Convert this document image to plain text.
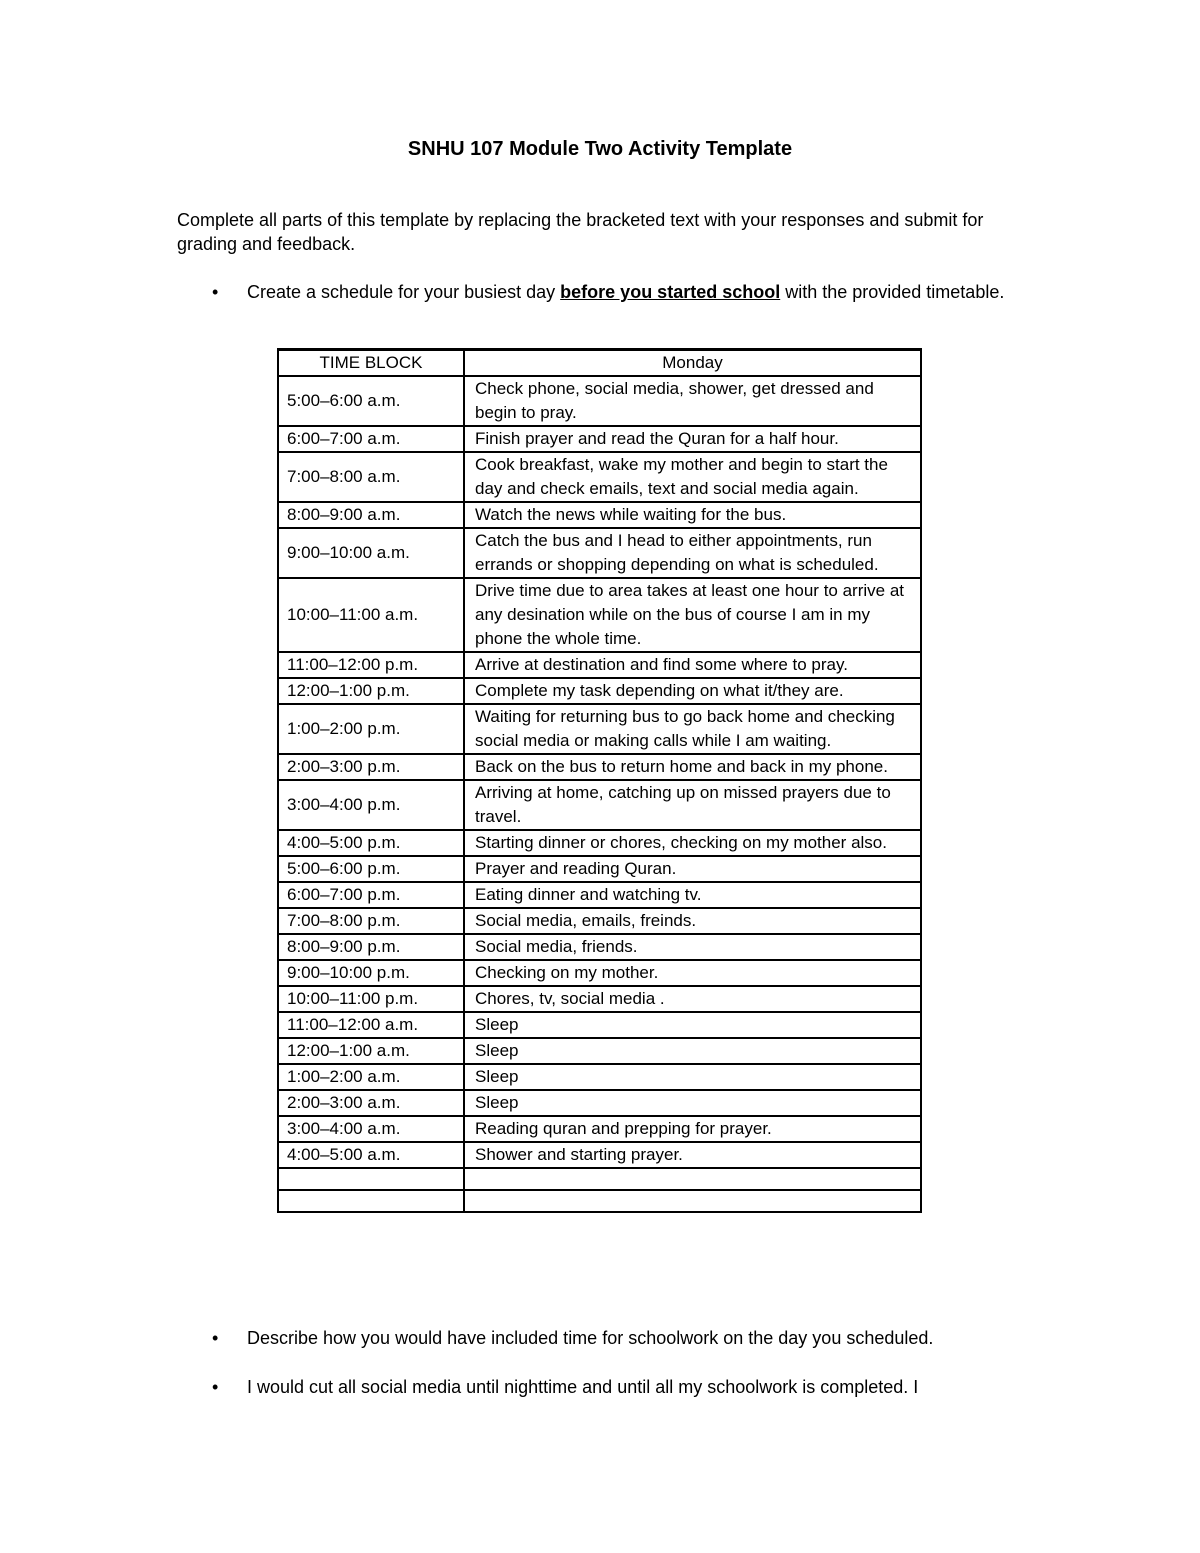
SNHU 107 Module Two Activity Template
Complete all parts of this template by replacing the bracketed text with your responses and submit for grading and feedback.
•	Create a schedule for your busiest day before you started school with the provided timetable.
TIME BLOCK	Monday
5:00–6:00 a.m.	Check phone, social media, shower, get dressed and begin to pray.
6:00–7:00 a.m.	Finish prayer and read the Quran for a half hour.
7:00–8:00 a.m.	Cook breakfast, wake my mother and begin to start the day and check emails, text and social media again.
8:00–9:00 a.m.	Watch the news while waiting for the bus.
9:00–10:00 a.m.	Catch the bus and I head to either appointments, run errands or shopping depending on what is scheduled.
10:00–11:00 a.m.	Drive time due to area takes at least one hour to arrive at any desination while on the bus of course I am in my phone the whole time.
11:00–12:00 p.m.	Arrive at destination and find some where to pray.
12:00–1:00 p.m.	Complete my task depending on what it/they are.
1:00–2:00 p.m.	Waiting for returning bus to go back home and checking social media or making calls while I am waiting.
2:00–3:00 p.m.	Back on the bus to return home and back in my phone.
3:00–4:00 p.m.	Arriving at home, catching up on missed prayers due to travel.
4:00–5:00 p.m.	Starting dinner or chores, checking on my mother also.
5:00–6:00 p.m.	Prayer and reading Quran.
6:00–7:00 p.m.	Eating dinner and watching tv.
7:00–8:00 p.m.	Social media, emails, freinds.
8:00–9:00 p.m.	Social media, friends.
9:00–10:00 p.m.	Checking on my mother.
10:00–11:00 p.m.	Chores, tv, social media .
11:00–12:00 a.m.	Sleep
12:00–1:00 a.m.	Sleep
1:00–2:00 a.m.	Sleep
2:00–3:00 a.m.	Sleep
3:00–4:00 a.m.	Reading quran and prepping for prayer.
4:00–5:00 a.m.	Shower and starting prayer.

•	Describe how you would have included time for schoolwork on the day you scheduled.
•	I would cut all social media until nighttime and until all my schoolwork is completed. I
